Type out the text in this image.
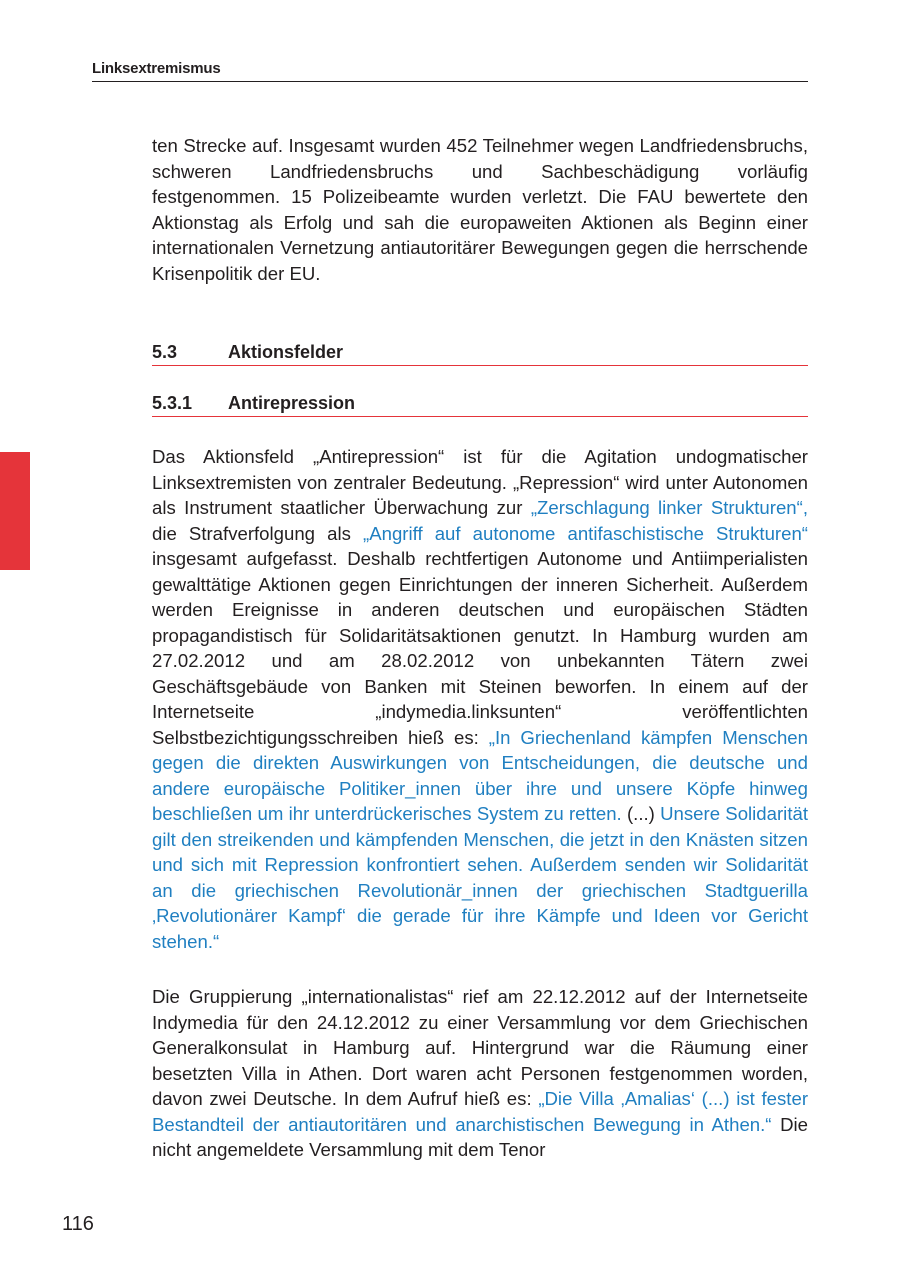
Linksextremismus

ten Strecke auf. Insgesamt wurden 452 Teilnehmer wegen Landfriedensbruchs, schweren Landfriedensbruchs und Sachbeschädigung vorläufig festgenommen. 15 Polizeibeamte wurden verletzt. Die FAU bewertete den Aktionstag als Erfolg und sah die europaweiten Aktionen als Beginn einer internationalen Vernetzung antiautoritärer Bewegungen gegen die herrschende Krisenpolitik der EU.

5.3	Aktionsfelder
5.3.1	Antirepression

Das Aktionsfeld „Antirepression“ ist für die Agitation undogmatischer Linksextremisten von zentraler Bedeutung. „Repression“ wird unter Autonomen als Instrument staatlicher Überwachung zur „Zerschlagung linker Strukturen“, die Strafverfolgung als „Angriff auf autonome antifaschistische Strukturen“ insgesamt aufgefasst. Deshalb rechtfertigen Autonome und Antiimperialisten gewalttätige Aktionen gegen Einrichtungen der inneren Sicherheit. Außerdem werden Ereignisse in anderen deutschen und europäischen Städten propagandistisch für Solidaritätsaktionen genutzt. In Hamburg wurden am 27.02.2012 und am 28.02.2012 von unbekannten Tätern zwei Geschäftsgebäude von Banken mit Steinen beworfen. In einem auf der Internetseite „indymedia.linksunten“ veröffentlichten Selbstbezichtigungsschreiben hieß es: „In Griechenland kämpfen Menschen gegen die direkten Auswirkungen von Entscheidungen, die deutsche und andere europäische Politiker_innen über ihre und unsere Köpfe hinweg beschließen um ihr unterdrückerisches System zu retten. (...) Unsere Solidarität gilt den streikenden und kämpfenden Menschen, die jetzt in den Knästen sitzen und sich mit Repression konfrontiert sehen. Außerdem senden wir Solidarität an die griechischen Revolutionär_innen der griechischen Stadtguerilla ‚Revolutionärer Kampf‘ die gerade für ihre Kämpfe und Ideen vor Gericht stehen.“

Die Gruppierung „internationalistas“ rief am 22.12.2012 auf der Internetseite Indymedia für den 24.12.2012 zu einer Versammlung vor dem Griechischen Generalkonsulat in Hamburg auf. Hintergrund war die Räumung einer besetzten Villa in Athen. Dort waren acht Personen festgenommen worden, davon zwei Deutsche. In dem Aufruf hieß es: „Die Villa ‚Amalias‘ (...) ist fester Bestandteil der antiautoritären und anarchistischen Bewegung in Athen.“ Die nicht angemeldete Versammlung mit dem Tenor

116
